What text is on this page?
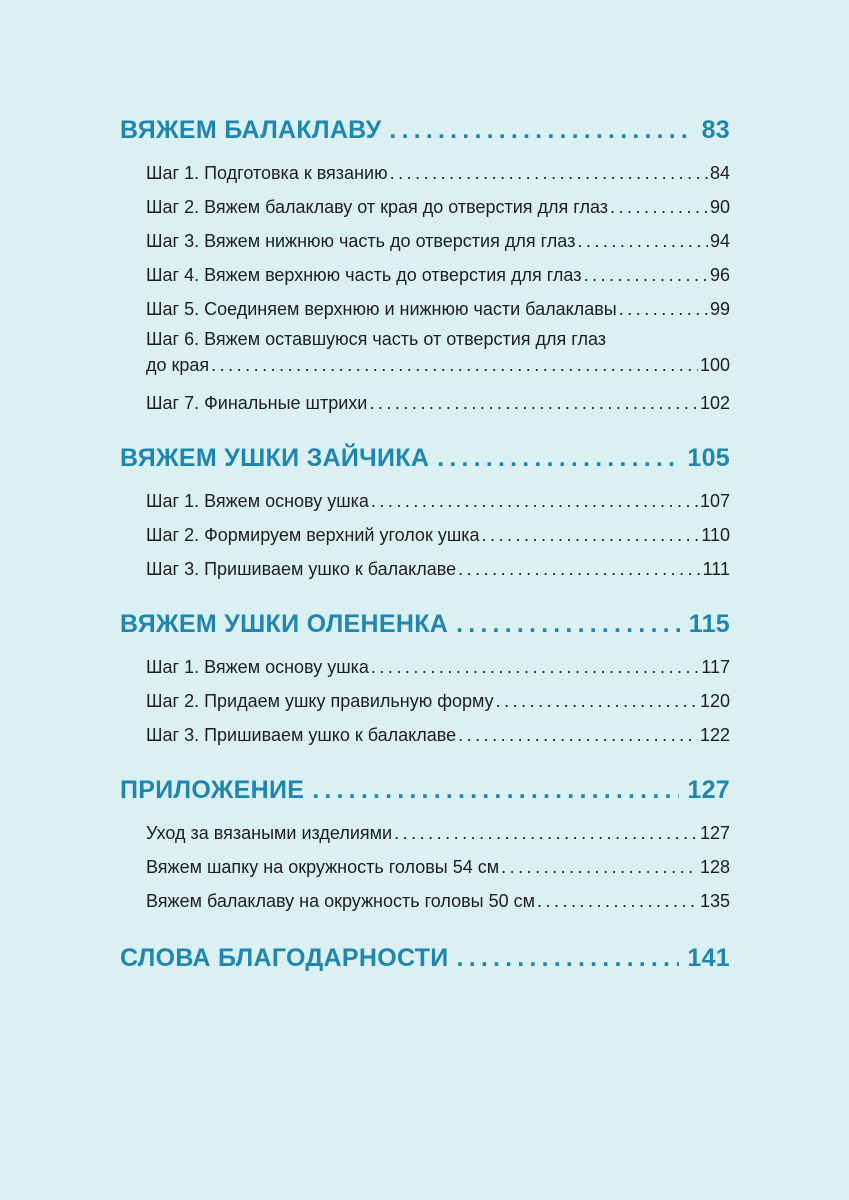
ВЯЖЕМ БАЛАКЛАВУ .....	83
Шаг 1. Подготовка к вязанию .....	84
Шаг 2. Вяжем балаклаву от края до отверстия для глаз .....	90
Шаг 3. Вяжем нижнюю часть до отверстия для глаз .....	94
Шаг 4. Вяжем верхнюю часть до отверстия для глаз .....	96
Шаг 5. Соединяем верхнюю и нижнюю части балаклавы .....	99
Шаг 6. Вяжем оставшуюся часть от отверстия для глаз
до края .....	100
Шаг 7. Финальные штрихи .....	102
ВЯЖЕМ УШКИ ЗАЙЧИКА .....	105
Шаг 1. Вяжем основу ушка .....	107
Шаг 2. Формируем верхний уголок ушка .....	110
Шаг 3. Пришиваем ушко к балаклаве .....	111
ВЯЖЕМ УШКИ ОЛЕНЕНКА .....	115
Шаг 1. Вяжем основу ушка .....	117
Шаг 2. Придаем ушку правильную форму .....	120
Шаг 3. Пришиваем ушко к балаклаве .....	122
ПРИЛОЖЕНИЕ .....	127
Уход за вязаными изделиями .....	127
Вяжем шапку на окружность головы 54 см .....	128
Вяжем балаклаву на окружность головы 50 см .....	135
СЛОВА БЛАГОДАРНОСТИ .....	141
